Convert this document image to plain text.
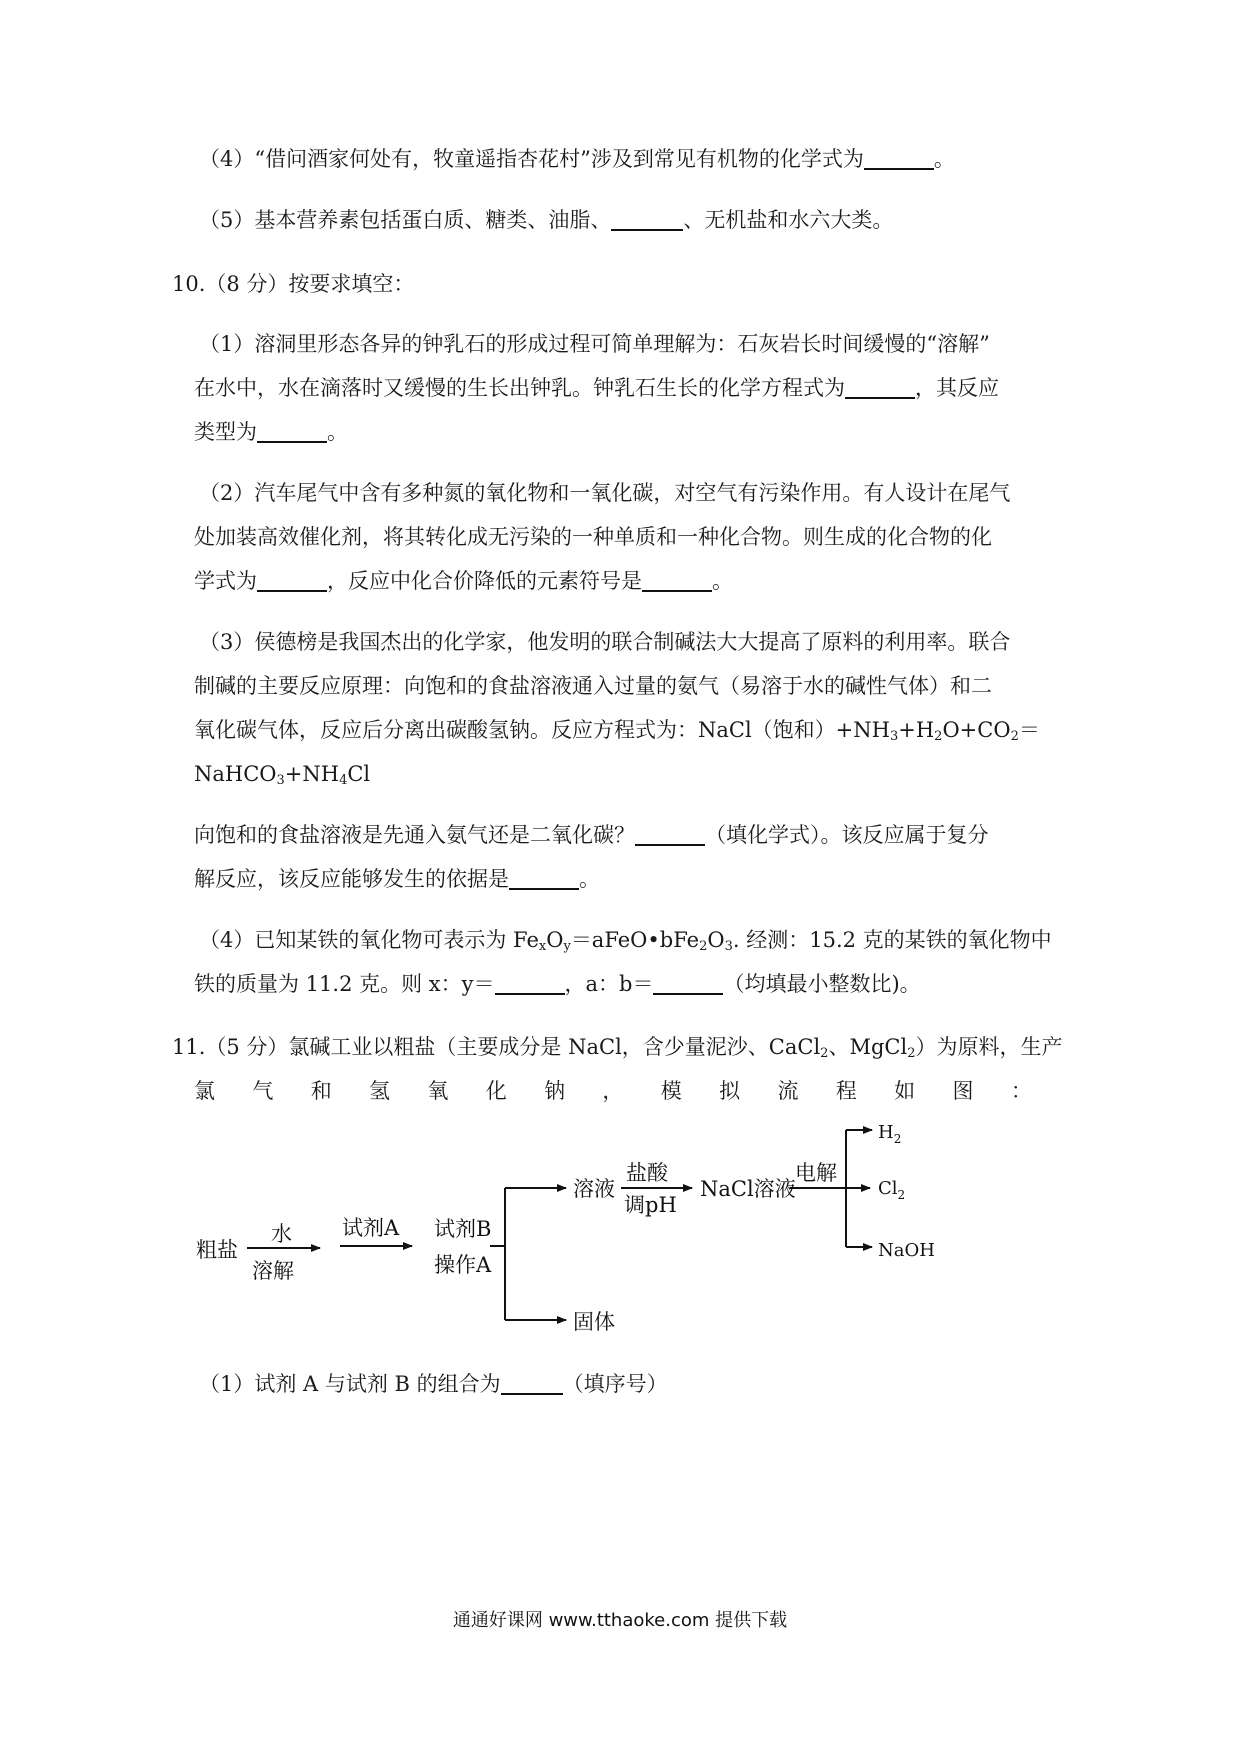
（4）“借问酒家何处有，牧童遥指杏花村”涉及到常见有机物的化学式为	。
（5）基本营养素包括蛋白质、糖类、油脂、	、无机盐和水六大类。
10.（8 分）按要求填空：
（1）溶洞里形态各异的钟乳石的形成过程可简单理解为：石灰岩长时间缓慢的“溶解”
在水中，水在滴落时又缓慢的生长出钟乳。钟乳石生长的化学方程式为	，其反应
类型为	。
（2）汽车尾气中含有多种氮的氧化物和一氧化碳，对空气有污染作用。有人设计在尾气
处加装高效催化剂，将其转化成无污染的一种单质和一种化合物。则生成的化合物的化
学式为	，反应中化合价降低的元素符号是	。
（3）侯德榜是我国杰出的化学家，他发明的联合制碱法大大提高了原料的利用率。联合
制碱的主要反应原理：向饱和的食盐溶液通入过量的氨气（易溶于水的碱性气体）和二
氧化碳气体，反应后分离出碳酸氢钠。反应方程式为：NaCl（饱和）$+NH_3+H_2O+CO_2=$
$NaHCO_3+NH_4Cl$
向饱和的食盐溶液是先通入氨气还是二氧化碳？	（填化学式）。该反应属于复分
解反应，该反应能够发生的依据是	。
（4）已知某铁的氧化物可表示为 $Fe_xO_y=aFeO•bFe_2O_3$. 经测：15.2 克的某铁的氧化物中
铁的质量为 11.2 克。则 x：y＝	，a：b＝	（均填最小整数比)。
11.（5 分）氯碱工业以粗盐（主要成分是 NaCl，含少量泥沙、CaCl$_2$、MgCl$_2$）为原料，生产
氯 气 和 氢 氧 化 钠 ， 模 拟 流 程 如 图 ：
粗盐
水
溶解
试剂A 试剂B
操作A
溶液
盐酸
调pH
NaCl溶液
电解
固体
$H_2$
$Cl_2$
NaOH
（1）试剂 A 与试剂 B 的组合为	（填序号）
通通好课网 www.tthaoke.com 提供下载
